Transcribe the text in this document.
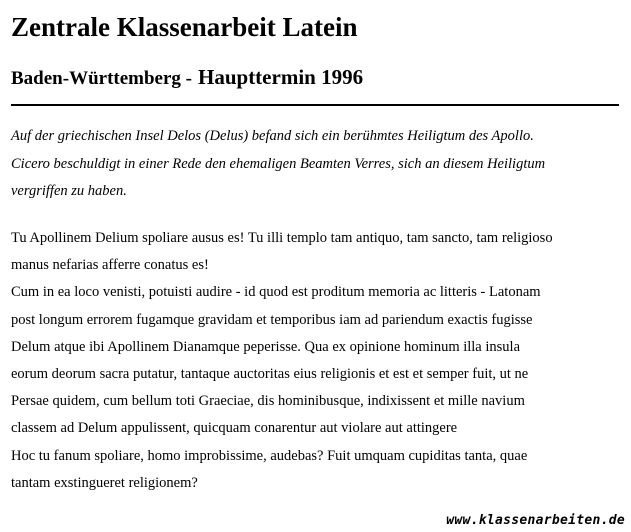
Zentrale Klassenarbeit Latein
Baden-Württemberg - Haupttermin 1996

Auf der griechischen Insel Delos (Delus) befand sich ein berühmtes Heiligtum des Apollo.
Cicero beschuldigt in einer Rede den ehemaligen Beamten Verres, sich an diesem Heiligtum
vergriffen zu haben.

Tu Apollinem Delium spoliare ausus es! Tu illi templo tam antiquo, tam sancto, tam religioso
manus nefarias afferre conatus es!
Cum in ea loco venisti, potuisti audire - id quod est proditum memoria ac litteris - Latonam
post longum errorem fugamque gravidam et temporibus iam ad pariendum exactis fugisse
Delum atque ibi Apollinem Dianamque peperisse. Qua ex opinione hominum illa insula
eorum deorum sacra putatur, tantaque auctoritas eius religionis et est et semper fuit, ut ne
Persae quidem, cum bellum toti Graeciae, dis hominibusque, indixissent et mille navium
classem ad Delum appulissent, quicquam conarentur aut violare aut attingere
Hoc tu fanum spoliare, homo improbissime, audebas? Fuit umquam cupiditas tanta, quae
tantam exstingueret religionem?

www.klassenarbeiten.de
